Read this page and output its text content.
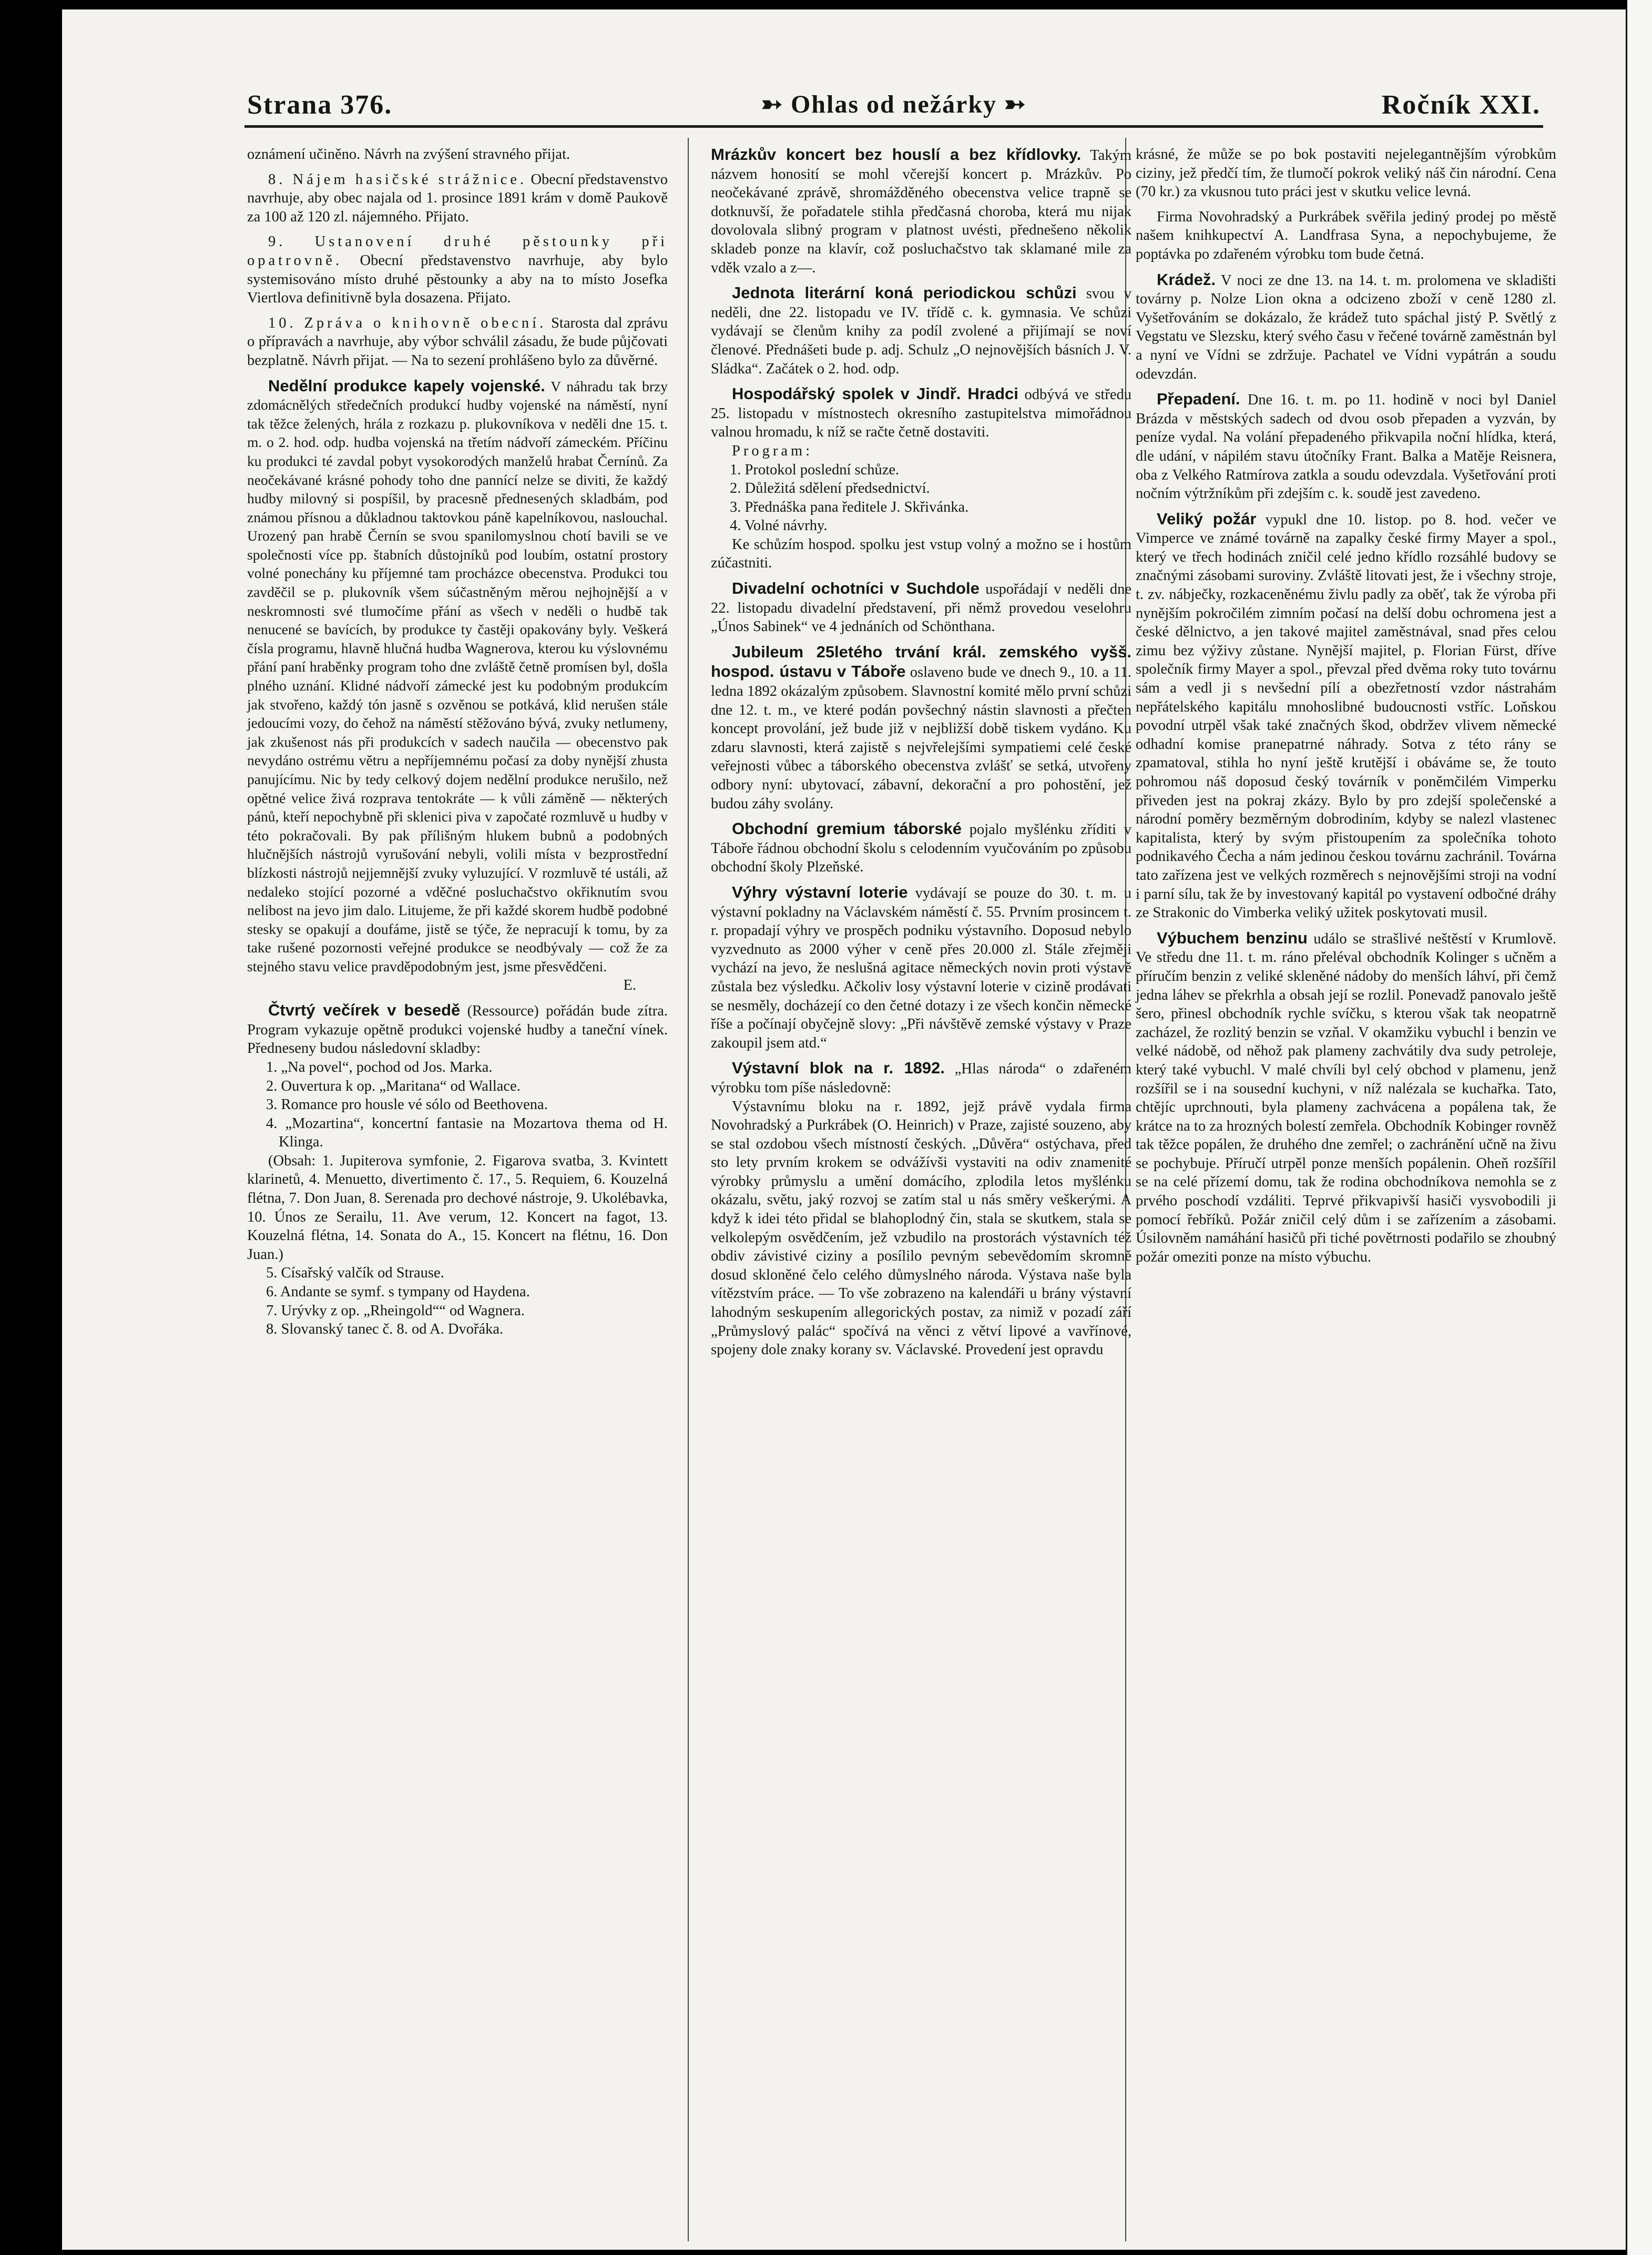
Strana 376.	➳ Ohlas od nežárky ➳	Ročník XXI.

oznámení učiněno. Návrh na zvýšení stravného přijat.

8. Nájem hasičské strážnice. Obecní představenstvo navrhuje, aby obec najala od 1. prosince 1891 krám v domě Paukově za 100 až 120 zl. nájemného. Přijato.

9. Ustanovení druhé pěstounky při opatrovně. Obecní představenstvo navrhuje, aby bylo systemisováno místo druhé pěstounky a aby na to místo Josefka Viertlova definitivně byla dosazena. Přijato.

10. Zpráva o knihovně obecní. Starosta dal zprávu o přípravách a navrhuje, aby výbor schválil zásadu, že bude půjčovati bezplatně. Návrh přijat. — Na to sezení prohlášeno bylo za důvěrné.

Nedělní produkce kapely vojenské. V náhradu tak brzy zdomácnělých středečních produkcí hudby vojenské na náměstí, nyní tak těžce želených, hrála z rozkazu p. plukovníkova v neděli dne 15. t. m. o 2. hod. odp. hudba vojenská na třetím nádvoří zámeckém. Příčinu ku produkci té zavdal pobyt vysokorodých manželů hrabat Černínů. Za neočekávané krásné pohody toho dne pannící nelze se diviti, že každý hudby milovný si pospíšil, by pracesně přednesených skladbám, pod známou přísnou a důkladnou taktovkou páně kapelníkovou, naslouchal. Urozený pan hrabě Černín se svou spanilomyslnou chotí bavili se ve společnosti více pp. štabních důstojníků pod loubím, ostatní prostory volné ponechány ku příjemné tam procházce obecenstva. Produkci tou zavděčil se p. plukovník všem súčastněným měrou nejhojnější a v neskromnosti své tlumočíme přání as všech v neděli o hudbě tak nenucené se bavících, by produkce ty častěji opakovány byly. Veškerá čísla programu, hlavně hlučná hudba Wagnerova, kterou ku výslovnému přání paní hraběnky program toho dne zvláště četně promísen byl, došla plného uznání. Klidné nádvoří zámecké jest ku podobným produkcím jak stvořeno, každý tón jasně s ozvěnou se potkává, klid nerušen stále jedoucími vozy, do čehož na náměstí stěžováno bývá, zvuky netlumeny, jak zkušenost nás při produkcích v sadech naučila — obecenstvo pak nevydáno ostrému větru a nepříjemnému počasí za doby nynější zhusta panujícímu. Nic by tedy celkový dojem nedělní produkce nerušilo, než opětné velice živá rozprava tentokráte — k vůli záměně — některých pánů, kteří nepochybně při sklenici piva v započaté rozmluvě u hudby v této pokračovali. By pak přílišným hlukem bubnů a podobných hlučnějších nástrojů vyrušování nebyli, volili místa v bezprostřední blízkosti nástrojů nejjemnější zvuky vyluzující. V rozmluvě té ustáli, až nedaleko stojící pozorné a vděčné posluchačstvo okřiknutím svou nelibost na jevo jim dalo. Litujeme, že při každé skorem hudbě podobné stesky se opakují a doufáme, jistě se týče, že nepracují k tomu, by za take rušené pozornosti veřejné produkce se neodbývaly — což že za stejného stavu velice pravděpodobným jest, jsme přesvědčeni.

E.

Čtvrtý večírek v besedě (Ressource) pořádán bude zítra. Program vykazuje opětně produkci vojenské hudby a taneční vínek. Předneseny budou následovní skladby:

1. „Na povel“, pochod od Jos. Marka.
2. Ouvertura k op. „Maritana“ od Wallace.
3. Romance pro housle vé sólo od Beethovena.
4. „Mozartina“, koncertní fantasie na Mozartova thema od H. Klinga.

(Obsah: 1. Jupiterova symfonie, 2. Figarova svatba, 3. Kvintett klarinetů, 4. Menuetto, divertimento č. 17., 5. Requiem, 6. Kouzelná flétna, 7. Don Juan, 8. Serenada pro dechové nástroje, 9. Ukolébavka, 10. Únos ze Serailu, 11. Ave verum, 12. Koncert na fagot, 13. Kouzelná flétna, 14. Sonata do A., 15. Koncert na flétnu, 16. Don Juan.)

5. Císařský valčík od Strause.
6. Andante se symf. s tympany od Haydena.
7. Urývky z op. „Rheingold““ od Wagnera.
8. Slovanský tanec č. 8. od A. Dvořáka.

Mrázkův koncert bez houslí a bez křídlovky. Takým názvem honosití se mohl včerejší koncert p. Mrázkův. Po neočekávané zprávě, shromážděného obecenstva velice trapně se dotknuvší, že pořadatele stihla předčasná choroba, která mu nijak dovolovala slibný program v platnost uvésti, přednešeno několik skladeb ponze na klavír, což posluchačstvo tak sklamané mile za vděk vzalo a z—.

Jednota literární koná periodickou schůzi svou v neděli, dne 22. listopadu ve IV. třídě c. k. gymnasia. Ve schůzi vydávají se členům knihy za podíl zvolené a přijímají se noví členové. Přednášeti bude p. adj. Schulz „O nejnovějších básních J. V. Sládka“. Začátek o 2. hod. odp.

Hospodářský spolek v Jindř. Hradci odbývá ve středu 25. listopadu v místnostech okresního zastupitelstva mimořádnou valnou hromadu, k níž se račte četně dostaviti.

Program:

1. Protokol poslední schůze.
2. Důležitá sdělení předsednictví.
3. Přednáška pana ředitele J. Skřivánka.
4. Volné návrhy.

Ke schůzím hospod. spolku jest vstup volný a možno se i hostům zúčastniti.

Divadelní ochotníci v Suchdole uspořádají v neděli dne 22. listopadu divadelní představení, při němž provedou veselohru „Únos Sabinek“ ve 4 jednáních od Schönthana.

Jubileum 25letého trvání král. zemského vyšš. hospod. ústavu v Táboře oslaveno bude ve dnech 9., 10. a 11. ledna 1892 okázalým způsobem. Slavnostní komité mělo první schůzi dne 12. t. m., ve které podán povšechný nástin slavnosti a přečten koncept provolání, jež bude již v nejbližší době tiskem vydáno. Ku zdaru slavnosti, která zajistě s nejvřelejšími sympatiemi celé české veřejnosti vůbec a táborského obecenstva zvlášť se setká, utvořeny odbory nyní: ubytovací, zábavní, dekorační a pro pohostění, jež budou záhy svolány.

Obchodní gremium táborské pojalo myšlénku zříditi v Táboře řádnou obchodní školu s celodenním vyučováním po způsobu obchodní školy Plzeňské.

Výhry výstavní loterie vydávají se pouze do 30. t. m. u výstavní pokladny na Václavském náměstí č. 55. Prvním prosincem t. r. propadají výhry ve prospěch podniku výstavního. Doposud nebylo vyzvednuto as 2000 výher v ceně přes 20.000 zl. Stále zřejměji vychází na jevo, že neslušná agitace německých novin proti výstavě zůstala bez výsledku. Ačkoliv losy výstavní loterie v cizině prodávati se nesměly, docházejí co den četné dotazy i ze všech končin německé říše a počínají obyčejně slovy: „Při návštěvě zemské výstavy v Praze zakoupil jsem atd.“

Výstavní blok na r. 1892. „Hlas národa“ o zdařeném výrobku tom píše následovně:

Výstavnímu bloku na r. 1892, jejž právě vydala firma Novohradský a Purkrábek (O. Heinrich) v Praze, zajisté souzeno, aby se stal ozdobou všech místností českých. „Důvěra“ ostýchava, před sto lety prvním krokem se odvážívši vystaviti na odiv znamenité výrobky průmyslu a umění domácího, zplodila letos myšlénku okázalu, světu, jaký rozvoj se zatím stal u nás směry veškerými. A když k idei této přidal se blahoplodný čin, stala se skutkem, stala se velkolepým osvědčením, jež vzbudilo na prostorách výstavních též obdiv závistivé ciziny a posílilo pevným sebevědomím skromně dosud skloněné čelo celého důmyslného národa. Výstava naše byla vítězstvím práce. — To vše zobrazeno na kalendáři u brány výstavní lahodným seskupením allegorických postav, za nimiž v pozadí září „Průmyslový palác“ spočívá na věnci z větví lipové a vavřínové, spojeny dole znaky korany sv. Václavské. Provedení jest opravdu

krásné, že může se po bok postaviti nejelegantnějším výrobkům ciziny, jež předčí tím, že tlumočí pokrok veliký náš čin národní. Cena (70 kr.) za vkusnou tuto práci jest v skutku velice levná.

Firma Novohradský a Purkrábek svěřila jediný prodej po městě našem knihkupectví A. Landfrasa Syna, a nepochybujeme, že poptávka po zdařeném výrobku tom bude četná.

Krádež. V noci ze dne 13. na 14. t. m. prolomena ve skladišti továrny p. Nolze Lion okna a odcizeno zboží v ceně 1280 zl. Vyšetřováním se dokázalo, že krádež tuto spáchal jistý P. Světlý z Vegstatu ve Slezsku, který svého času v řečené továrně zaměstnán byl a nyní ve Vídni se zdržuje. Pachatel ve Vídni vypátrán a soudu odevzdán.

Přepadení. Dne 16. t. m. po 11. hodině v noci byl Daniel Brázda v městských sadech od dvou osob přepaden a vyzván, by peníze vydal. Na volání přepadeného přikvapila noční hlídka, která, dle udání, v nápilém stavu útočníky Frant. Balka a Matěje Reisnera, oba z Velkého Ratmírova zatkla a soudu odevzdala. Vyšetřování proti nočním výtržníkům při zdejším c. k. soudě jest zavedeno.

Veliký požár vypukl dne 10. listop. po 8. hod. večer ve Vimperce ve známé továrně na zapalky české firmy Mayer a spol., který ve třech hodinách zničil celé jedno křídlo rozsáhlé budovy se značnými zásobami suroviny. Zvláště litovati jest, že i všechny stroje, t. zv. nábječky, rozkaceněnému živlu padly za oběť, tak že výroba při nynějším pokročilém zimním počasí na delší dobu ochromena jest a české dělnictvo, a jen takové majitel zaměstnával, snad přes celou zimu bez výživy zůstane. Nynější majitel, p. Florian Fürst, dříve společník firmy Mayer a spol., převzal před dvěma roky tuto továrnu sám a vedl ji s nevšední pílí a obezřetností vzdor nástrahám nepřátelského kapitálu mnohoslibné budoucnosti vstříc. Loňskou povodní utrpěl však také značných škod, obdržev vlivem německé odhadní komise pranepatrné náhrady. Sotva z této rány se zpamatoval, stihla ho nyní ještě krutější i obáváme se, že touto pohromou náš doposud český továrník v poněmčilém Vimperku přiveden jest na pokraj zkázy. Bylo by pro zdejší společenské a národní poměry bezměrným dobrodiním, kdyby se nalezl vlastenec kapitalista, který by svým přistoupením za společníka tohoto podnikavého Čecha a nám jedinou českou továrnu zachránil. Továrna tato zařízena jest ve velkých rozměrech s nejnovějšími stroji na vodní i parní sílu, tak že by investovaný kapitál po vystavení odbočné dráhy ze Strakonic do Vimberka veliký užitek poskytovati musil.

Výbuchem benzinu událo se strašlivé neštěstí v Krumlově. Ve středu dne 11. t. m. ráno přeléval obchodník Kolinger s učněm a příručím benzin z veliké skleněné nádoby do menších láhví, při čemž jedna láhev se překrhla a obsah její se rozlil. Ponevadž panovalo ještě šero, přinesl obchodník rychle svíčku, s kterou však tak neopatrně zacházel, že rozlitý benzin se vzňal. V okamžiku vybuchl i benzin ve velké nádobě, od něhož pak plameny zachvátily dva sudy petroleje, který také vybuchl. V malé chvíli byl celý obchod v plamenu, jenž rozšířil se i na sousední kuchyni, v níž nalézala se kuchařka. Tato, chtějíc uprchnouti, byla plameny zachvácena a popálena tak, že krátce na to za hrozných bolestí zemřela. Obchodník Kobinger rovněž tak těžce popálen, že druhého dne zemřel; o zachránění učně na živu se pochybuje. Příručí utrpěl ponze menších popálenin. Oheň rozšířil se na celé přízemí domu, tak že rodina obchodníkova nemohla se z prvého poschodí vzdáliti. Teprvé přikvapivší hasiči vysvobodili ji pomocí řebříků. Požár zničil celý dům i se zařízením a zásobami. Úsilovněm namáhání hasičů při tiché povětrnosti podařilo se zhoubný požár omeziti ponze na místo výbuchu.
